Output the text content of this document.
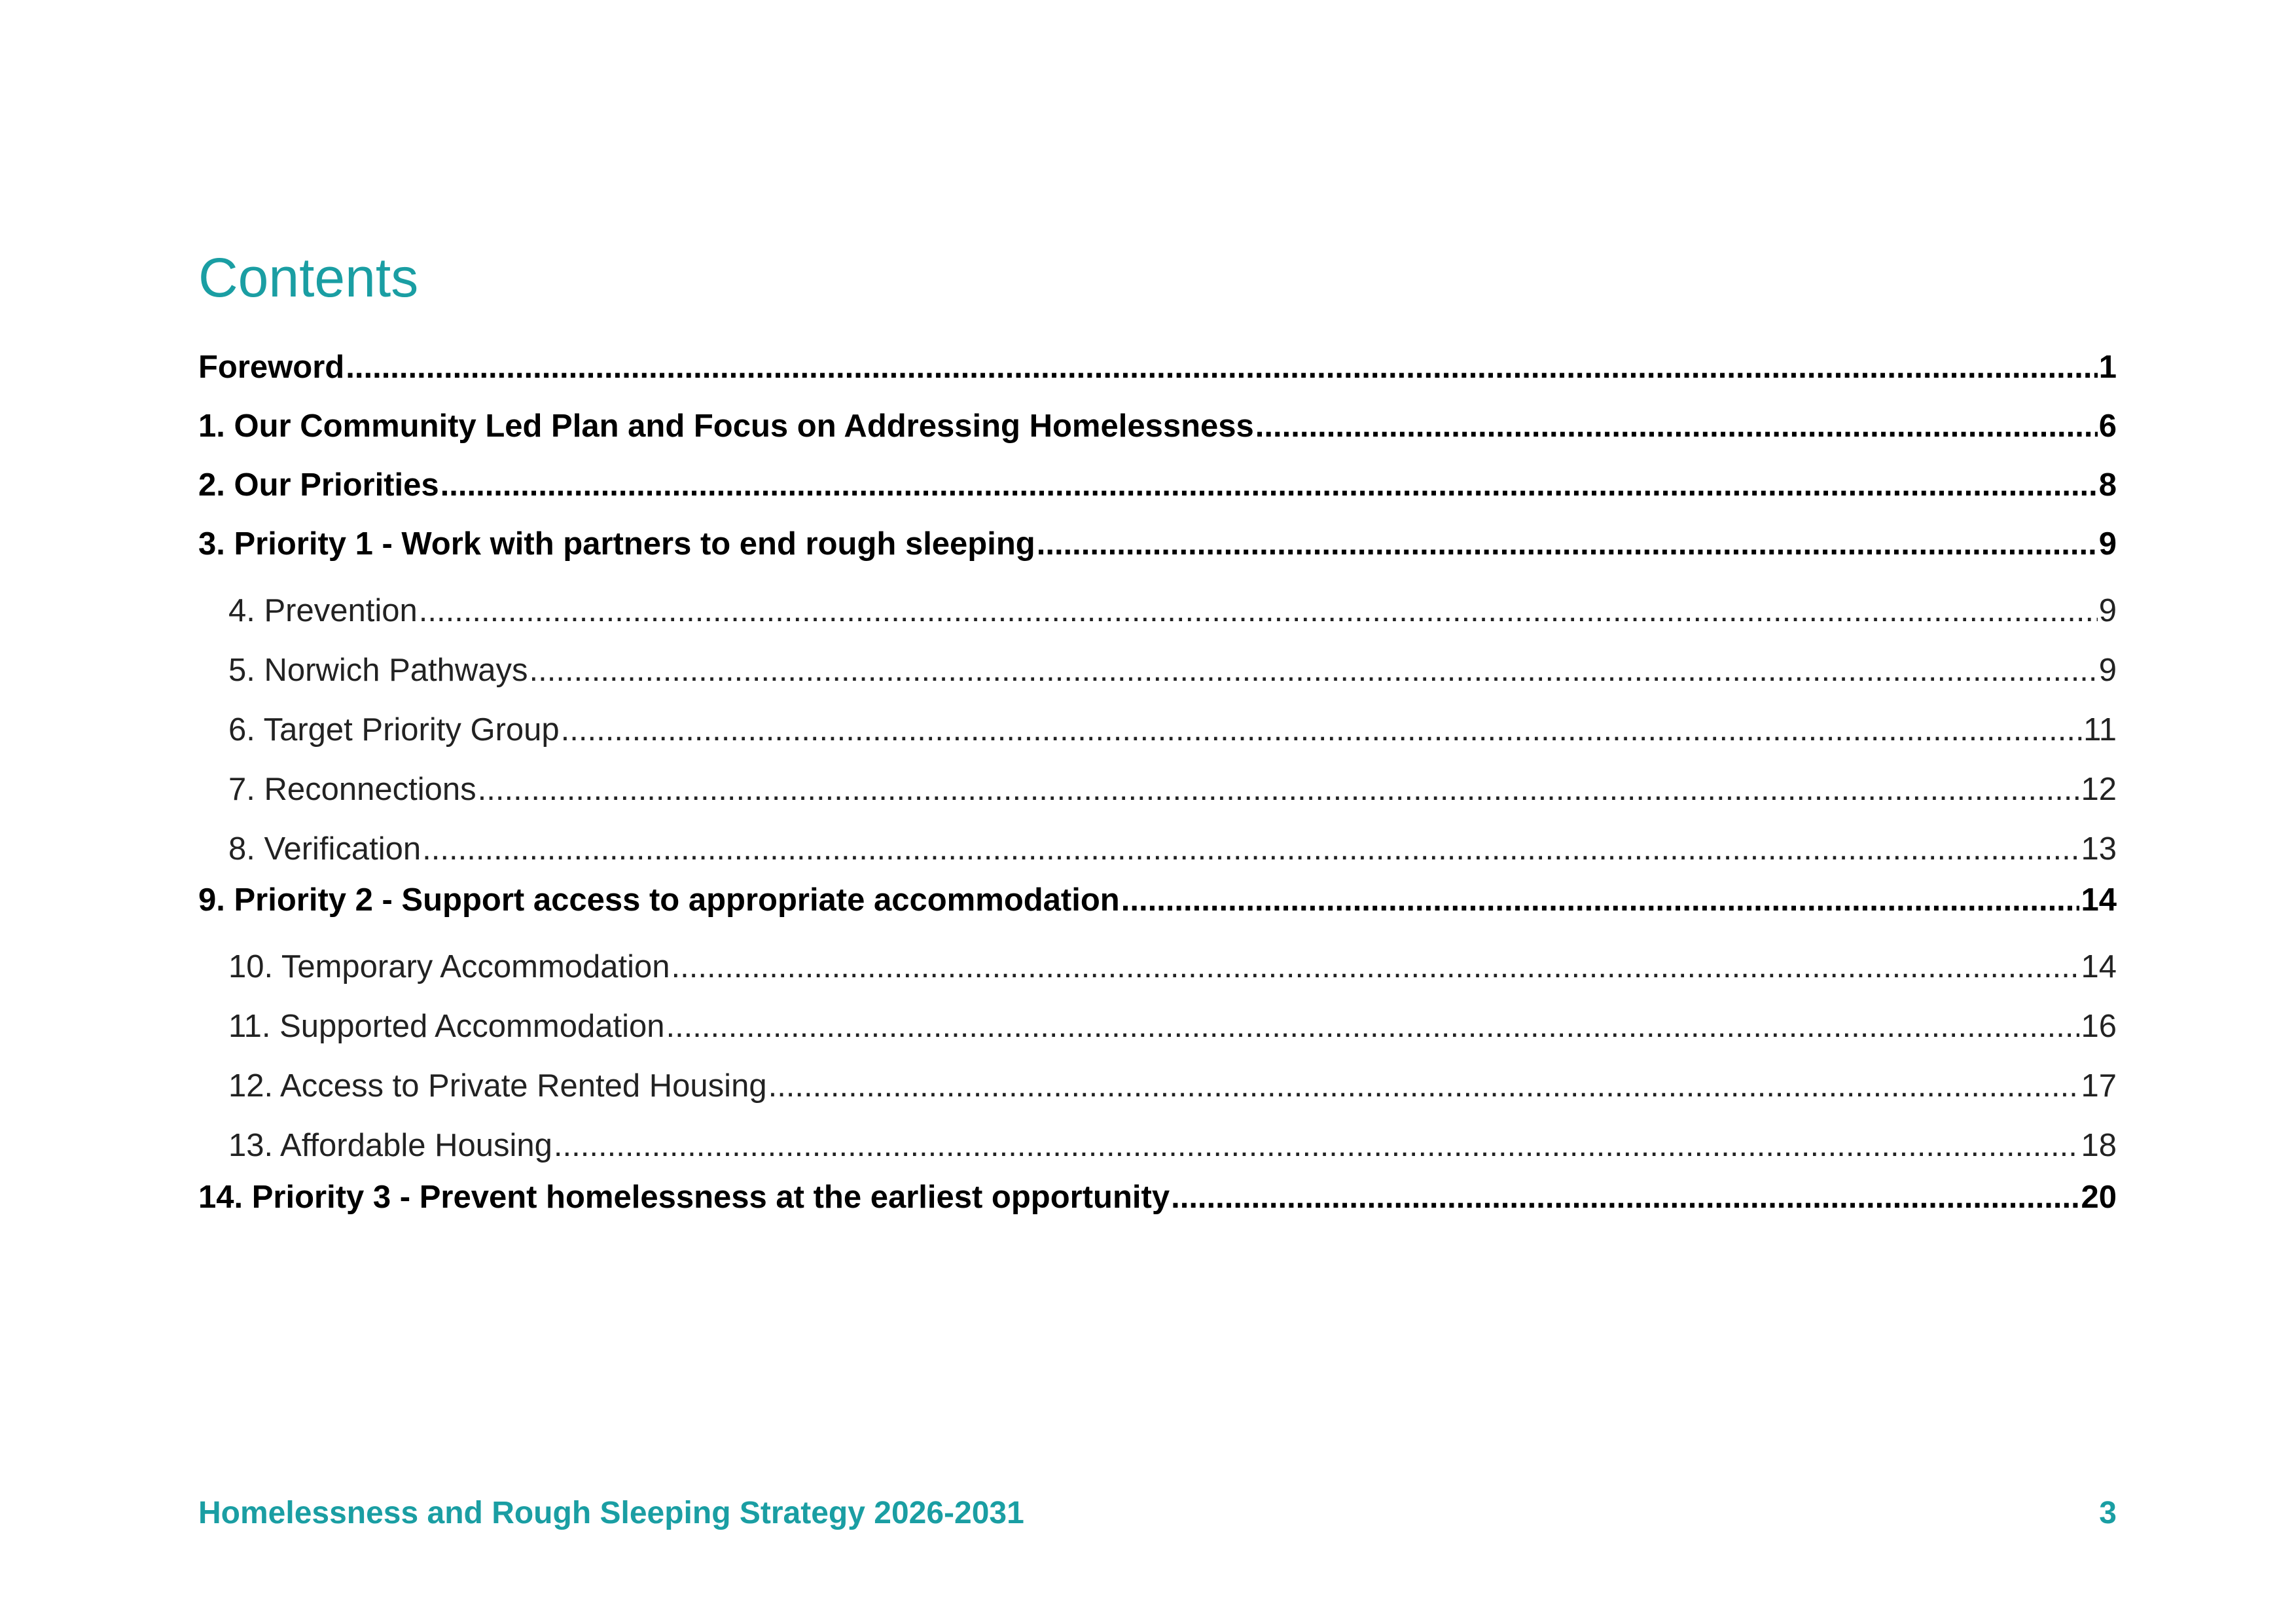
Contents
Foreword .....	1
1. Our Community Led Plan and Focus on Addressing Homelessness .....	6
2. Our Priorities .....	8
3. Priority 1 - Work with partners to end rough sleeping .....	9
4. Prevention .....	9
5. Norwich Pathways .....	9
6. Target Priority Group .....	11
7. Reconnections .....	12
8. Verification .....	13
9. Priority 2 - Support access to appropriate accommodation .....	14
10. Temporary Accommodation .....	14
11. Supported Accommodation .....	16
12. Access to Private Rented Housing .....	17
13. Affordable Housing .....	18
14. Priority 3 - Prevent homelessness at the earliest opportunity .....	20
Homelessness and Rough Sleeping Strategy 2026-2031	3
